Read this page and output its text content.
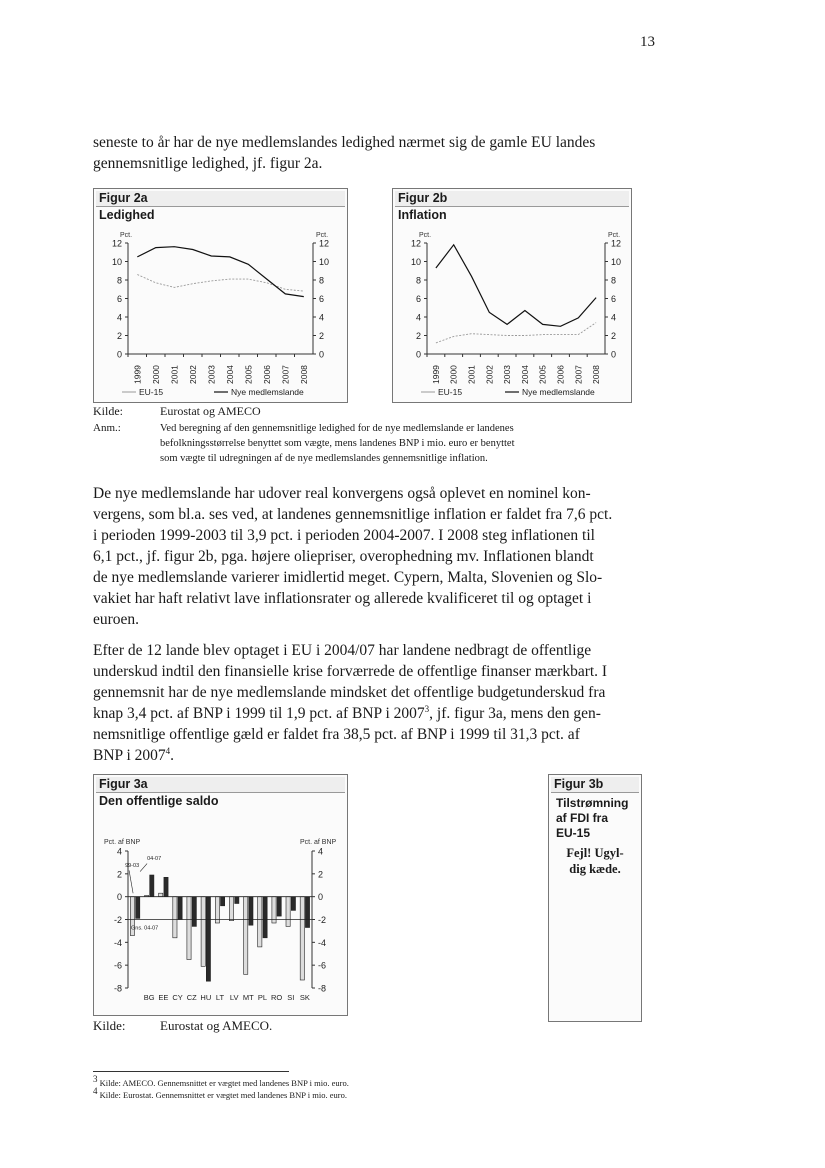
13
seneste to år har de nye medlemslandes ledighed nærmet sig de gamle EU landes
gennemsnitlige ledighed, jf. figur 2a.
Figur 2a
Ledighed
Pct.	Pct.
0	0
2	2
4	4
6	6
8	8
10	10
12	12
1999 2000 2001 2002 2003 2004 2005 2006 2007 2008
EU-15	Nye medlemslande
Figur 2b
Inflation
Pct.	Pct.
0	0
2	2
4	4
6	6
8	8
10	10
12	12
1999 2000 2001 2002 2003 2004 2005 2006 2007 2008
EU-15	Nye medlemslande
Kilde:	Eurostat og AMECO
Anm.:	Ved beregning af den gennemsnitlige ledighed for de nye medlemslande er landenes
befolkningsstørrelse benyttet som vægte, mens landenes BNP i mio. euro er benyttet
som vægte til udregningen af de nye medlemslandes gennemsnitlige inflation.
De nye medlemslande har udover real konvergens også oplevet en nominel kon-
vergens, som bl.a. ses ved, at landenes gennemsnitlige inflation er faldet fra 7,6 pct.
i perioden 1999-2003 til 3,9 pct. i perioden 2004-2007. I 2008 steg inflationen til
6,1 pct., jf. figur 2b, pga. højere oliepriser, overophedning mv. Inflationen blandt
de nye medlemslande varierer imidlertid meget. Cypern, Malta, Slovenien og Slo-
vakiet har haft relativt lave inflationsrater og allerede kvalificeret til og optaget i
euroen.
Efter de 12 lande blev optaget i EU i 2004/07 har landene nedbragt de offentlige
underskud indtil den finansielle krise forværrede de offentlige finanser mærkbart. I
gennemsnit har de nye medlemslande mindsket det offentlige budgetunderskud fra
knap 3,4 pct. af BNP i 1999 til 1,9 pct. af BNP i 2007$^3$, jf. figur 3a, mens den gen-
nemsnitlige offentlige gæld er faldet fra 38,5 pct. af BNP i 1999 til 31,3 pct. af
BNP i 2007$^4$.
Figur 3a
Den offentlige saldo
Pct. af BNP	Pct. af BNP
-8	-8
-6	-6
-4	-4
-2	-2
0	0
2	2
4	4
Gns. 04-07
99-03
04-07
BG EE CY CZ HU LT LV MT PL RO SI SK
Figur 3b
Tilstrømning
af FDI fra
EU-15
Fejl! Ugyl-
dig kæde.
Kilde:	Eurostat og AMECO.
$^3$ Kilde: AMECO. Gennemsnittet er vægtet med landenes BNP i mio. euro.
$^4$ Kilde: Eurostat. Gennemsnittet er vægtet med landenes BNP i mio. euro.
